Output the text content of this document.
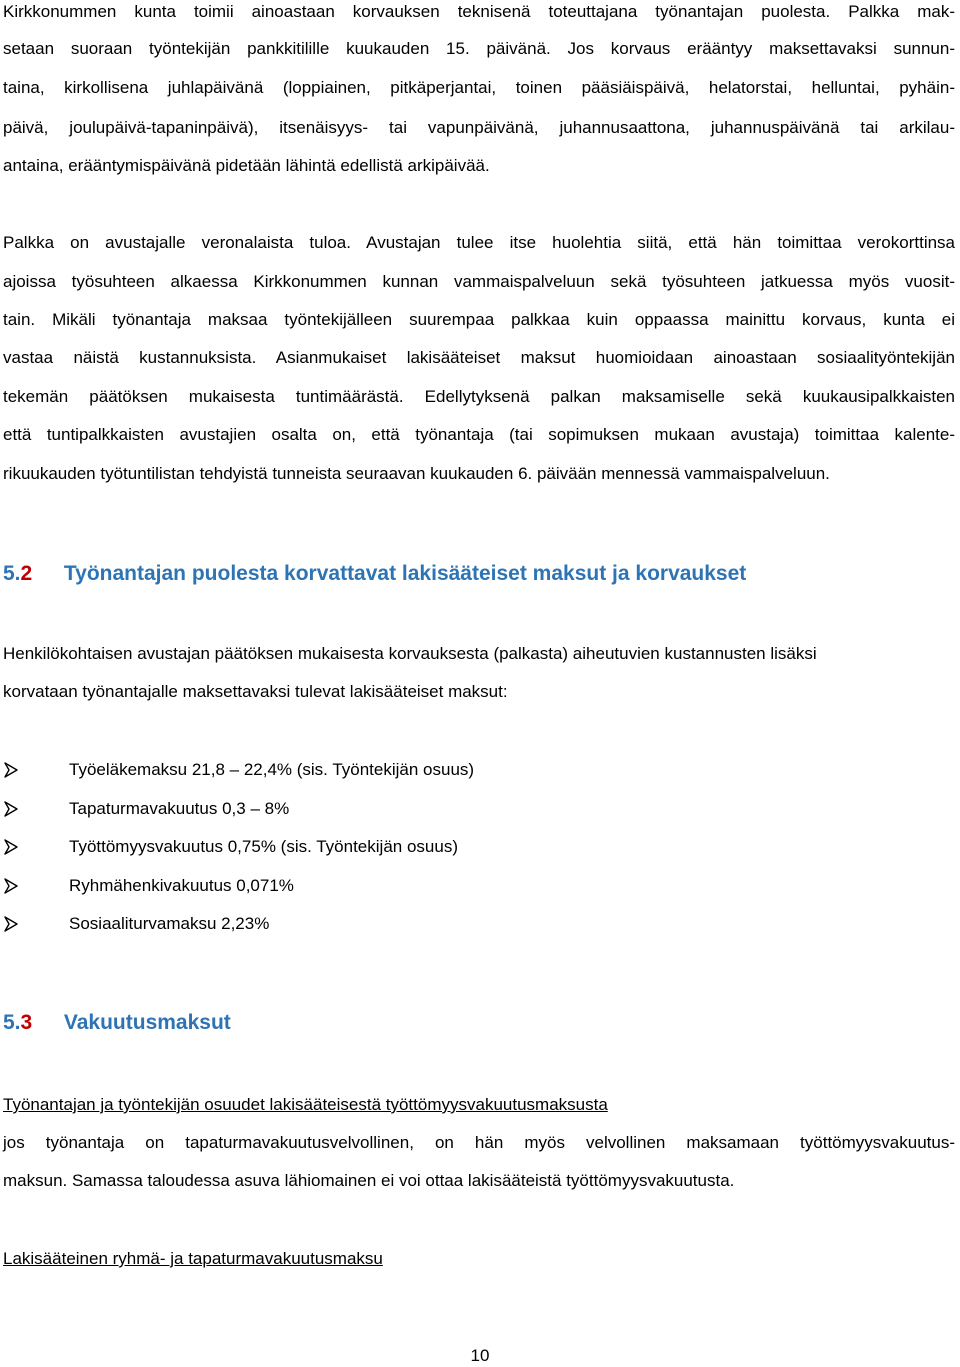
Kirkkonummen kunta toimii ainoastaan korvauksen teknisenä toteuttajana työnantajan puolesta. Palkka mak-
setaan suoraan työntekijän pankkitilille kuukauden 15. päivänä. Jos korvaus erääntyy maksettavaksi sunnun-
taina, kirkollisena juhlapäivänä (loppiainen, pitkäperjantai, toinen pääsiäispäivä, helatorstai, helluntai, pyhäin-
päivä, joulupäivä-tapaninpäivä), itsenäisyys- tai vapunpäivänä, juhannusaattona, juhannuspäivänä tai arkilau-
antaina, erääntymispäivänä pidetään lähintä edellistä arkipäivää.
Palkka on avustajalle veronalaista tuloa. Avustajan tulee itse huolehtia siitä, että hän toimittaa verokorttinsa
ajoissa työsuhteen alkaessa Kirkkonummen kunnan vammaispalveluun sekä työsuhteen jatkuessa myös vuosit-
tain. Mikäli työnantaja maksaa työntekijälleen suurempaa palkkaa kuin oppaassa mainittu korvaus, kunta ei
vastaa näistä kustannuksista. Asianmukaiset lakisääteiset maksut huomioidaan ainoastaan sosiaalityöntekijän
tekemän päätöksen mukaisesta tuntimäärästä. Edellytyksenä palkan maksamiselle sekä kuukausipalkkaisten
että tuntipalkkaisten avustajien osalta on, että työnantaja (tai sopimuksen mukaan avustaja) toimittaa kalente-
rikuukauden työtuntilistan tehdyistä tunneista seuraavan kuukauden 6. päivään mennessä vammaispalveluun.
5.2 Työnantajan puolesta korvattavat lakisääteiset maksut ja korvaukset
Henkilökohtaisen avustajan päätöksen mukaisesta korvauksesta (palkasta) aiheutuvien kustannusten lisäksi
korvataan työnantajalle maksettavaksi tulevat lakisääteiset maksut:
Työeläkemaksu 21,8 – 22,4% (sis. Työntekijän osuus)
Tapaturmavakuutus 0,3 – 8%
Työttömyysvakuutus 0,75% (sis. Työntekijän osuus)
Ryhmähenkivakuutus 0,071%
Sosiaaliturvamaksu 2,23%
5.3 Vakuutusmaksut
Työnantajan ja työntekijän osuudet lakisääteisestä työttömyysvakuutusmaksusta
jos työnantaja on tapaturmavakuutusvelvollinen, on hän myös velvollinen maksamaan työttömyysvakuutus-
maksun. Samassa taloudessa asuva lähiomainen ei voi ottaa lakisääteistä työttömyysvakuutusta.
Lakisääteinen ryhmä- ja tapaturmavakuutusmaksu
10
